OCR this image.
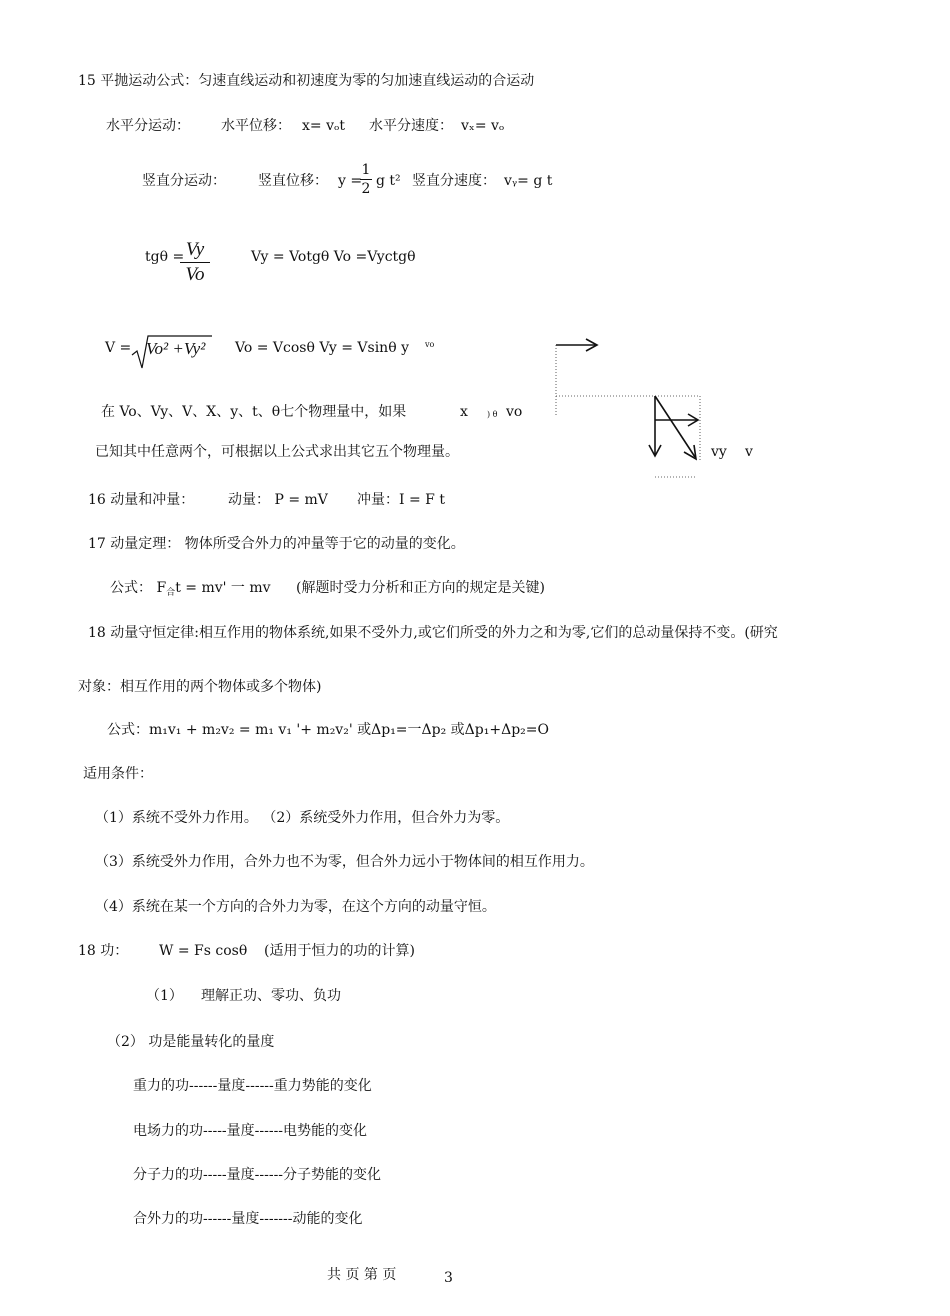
15 平抛运动公式：匀速直线运动和初速度为零的匀加速直线运动的合运动
水平分运动： 水平位移： x= vₒt 水平分速度： vₓ= vₒ
竖直分运动： 竖直位移： y =
1
2 g t² 竖直分速度： vᵧ= g t
tgθ = Vy
Vo
Vy = Votgθ Vo =Vyctgθ
V = Vo² +Vy² Vo = Vcosθ Vy = Vsinθ y vo
在 Vo、Vy、V、X、y、t、θ七个物理量中，如果	x ) θ vo
已知其中任意两个，可根据以上公式求出其它五个物理量。	vy v
16 动量和冲量： 动量： P = mV 冲量：I = F t
17 动量定理： 物体所受合外力的冲量等于它的动量的变化。
公式： $F_合t = mv'$ 一 mv (解题时受力分析和正方向的规定是关键)
18 动量守恒定律:相互作用的物体系统,如果不受外力,或它们所受的外力之和为零,它们的总动量保持不变。(研究
对象：相互作用的两个物体或多个物体)
公式：m₁v₁ + m₂v₂ = m₁ v₁ '+ m₂v₂' 或Δp₁=一Δp₂ 或Δp₁+Δp₂=O
适用条件：
（1）系统不受外力作用。 （2）系统受外力作用，但合外力为零。
（3）系统受外力作用，合外力也不为零，但合外力远小于物体间的相互作用力。
（4）系统在某一个方向的合外力为零，在这个方向的动量守恒。
18 功： W = Fs cosθ (适用于恒力的功的计算)
（1） 理解正功、零功、负功
（2） 功是能量转化的量度
重力的功------量度------重力势能的变化
电场力的功-----量度------电势能的变化
分子力的功-----量度------分子势能的变化
合外力的功------量度-------动能的变化
共 页 第 页	3
